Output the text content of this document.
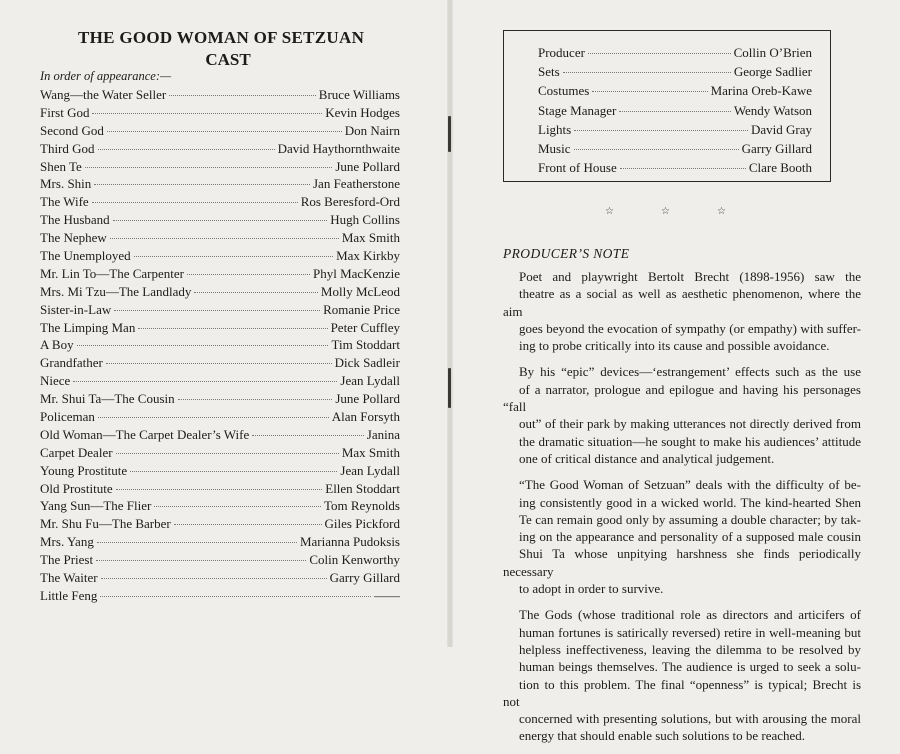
THE GOOD WOMAN OF SETZUAN
CAST
In order of appearance:—
Wang—the Water Seller	Bruce Williams
First God	Kevin Hodges
Second God	Don Nairn
Third God	David Haythornthwaite
Shen Te	June Pollard
Mrs. Shin	Jan Featherstone
The Wife	Ros Beresford-Ord
The Husband	Hugh Collins
The Nephew	Max Smith
The Unemployed	Max Kirkby
Mr. Lin To—The Carpenter	Phyl MacKenzie
Mrs. Mi Tzu—The Landlady	Molly McLeod
Sister-in-Law	Romanie Price
The Limping Man	Peter Cuffley
A Boy	Tim Stoddart
Grandfather	Dick Sadleir
Niece	Jean Lydall
Mr. Shui Ta—The Cousin	June Pollard
Policeman	Alan Forsyth
Old Woman—The Carpet Dealer’s Wife	Janina
Carpet Dealer	Max Smith
Young Prostitute	Jean Lydall
Old Prostitute	Ellen Stoddart
Yang Sun—The Flier	Tom Reynolds
Mr. Shu Fu—The Barber	Giles Pickford
Mrs. Yang	Marianna Pudoksis
The Priest	Colin Kenworthy
The Waiter	Garry Gillard
Little Feng	——
Producer	Collin O’Brien
Sets	George Sadlier
Costumes	Marina Oreb-Kawe
Stage Manager	Wendy Watson
Lights	David Gray
Music	Garry Gillard
Front of House	Clare Booth
☆	☆	☆
PRODUCER’S NOTE

Poet and playwright Bertolt Brecht (1898-1956) saw the
theatre as a social as well as aesthetic phenomenon, where the aim
goes beyond the evocation of sympathy (or empathy) with suffer-
ing to probe critically into its cause and possible avoidance.

By his “epic” devices—‘estrangement’ effects such as the use
of a narrator, prologue and epilogue and having his personages “fall
out” of their park by making utterances not directly derived from
the dramatic situation—he sought to make his audiences’ attitude
one of critical distance and analytical judgement.

“The Good Woman of Setzuan” deals with the difficulty of be-
ing consistently good in a wicked world. The kind-hearted Shen
Te can remain good only by assuming a double character; by tak-
ing on the appearance and personality of a supposed male cousin
Shui Ta whose unpitying harshness she finds periodically necessary
to adopt in order to survive.

The Gods (whose traditional role as directors and articifers of
human fortunes is satirically reversed) retire in well-meaning but
helpless ineffectiveness, leaving the dilemma to be resolved by
human beings themselves. The audience is urged to seek a solu-
tion to this problem. The final “openness” is typical; Brecht is not
concerned with presenting solutions, but with arousing the moral
energy that should enable such solutions to be reached.
